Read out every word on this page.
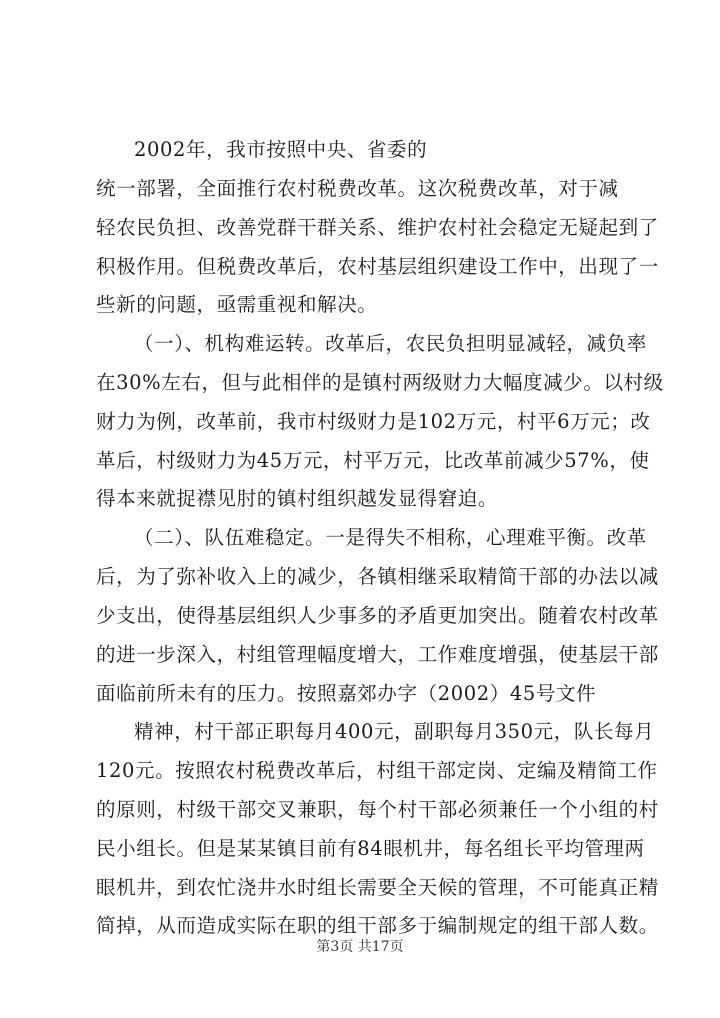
2002年，我市按照中央、省委的
统一部署，全面推行农村税费改革。这次税费改革，对于减
轻农民负担、改善党群干群关系、维护农村社会稳定无疑起到了
积极作用。但税费改革后，农村基层组织建设工作中，出现了一
些新的问题，亟需重视和解决。
（一）、机构难运转。改革后，农民负担明显减轻，减负率
在30%左右，但与此相伴的是镇村两级财力大幅度减少。以村级
财力为例，改革前，我市村级财力是102万元，村平6万元；改
革后，村级财力为45万元，村平万元，比改革前减少57%，使
得本来就捉襟见肘的镇村组织越发显得窘迫。
（二）、队伍难稳定。一是得失不相称，心理难平衡。改革
后，为了弥补收入上的减少，各镇相继采取精简干部的办法以减
少支出，使得基层组织人少事多的矛盾更加突出。随着农村改革
的进一步深入，村组管理幅度增大，工作难度增强，使基层干部
面临前所未有的压力。按照嘉郊办字（2002）45号文件
精神，村干部正职每月400元，副职每月350元，队长每月
120元。按照农村税费改革后，村组干部定岗、定编及精简工作
的原则，村级干部交叉兼职，每个村干部必须兼任一个小组的村
民小组长。但是某某镇目前有84眼机井，每名组长平均管理两
眼机井，到农忙浇井水时组长需要全天候的管理，不可能真正精
简掉，从而造成实际在职的组干部多于编制规定的组干部人数。
第3页 共17页
